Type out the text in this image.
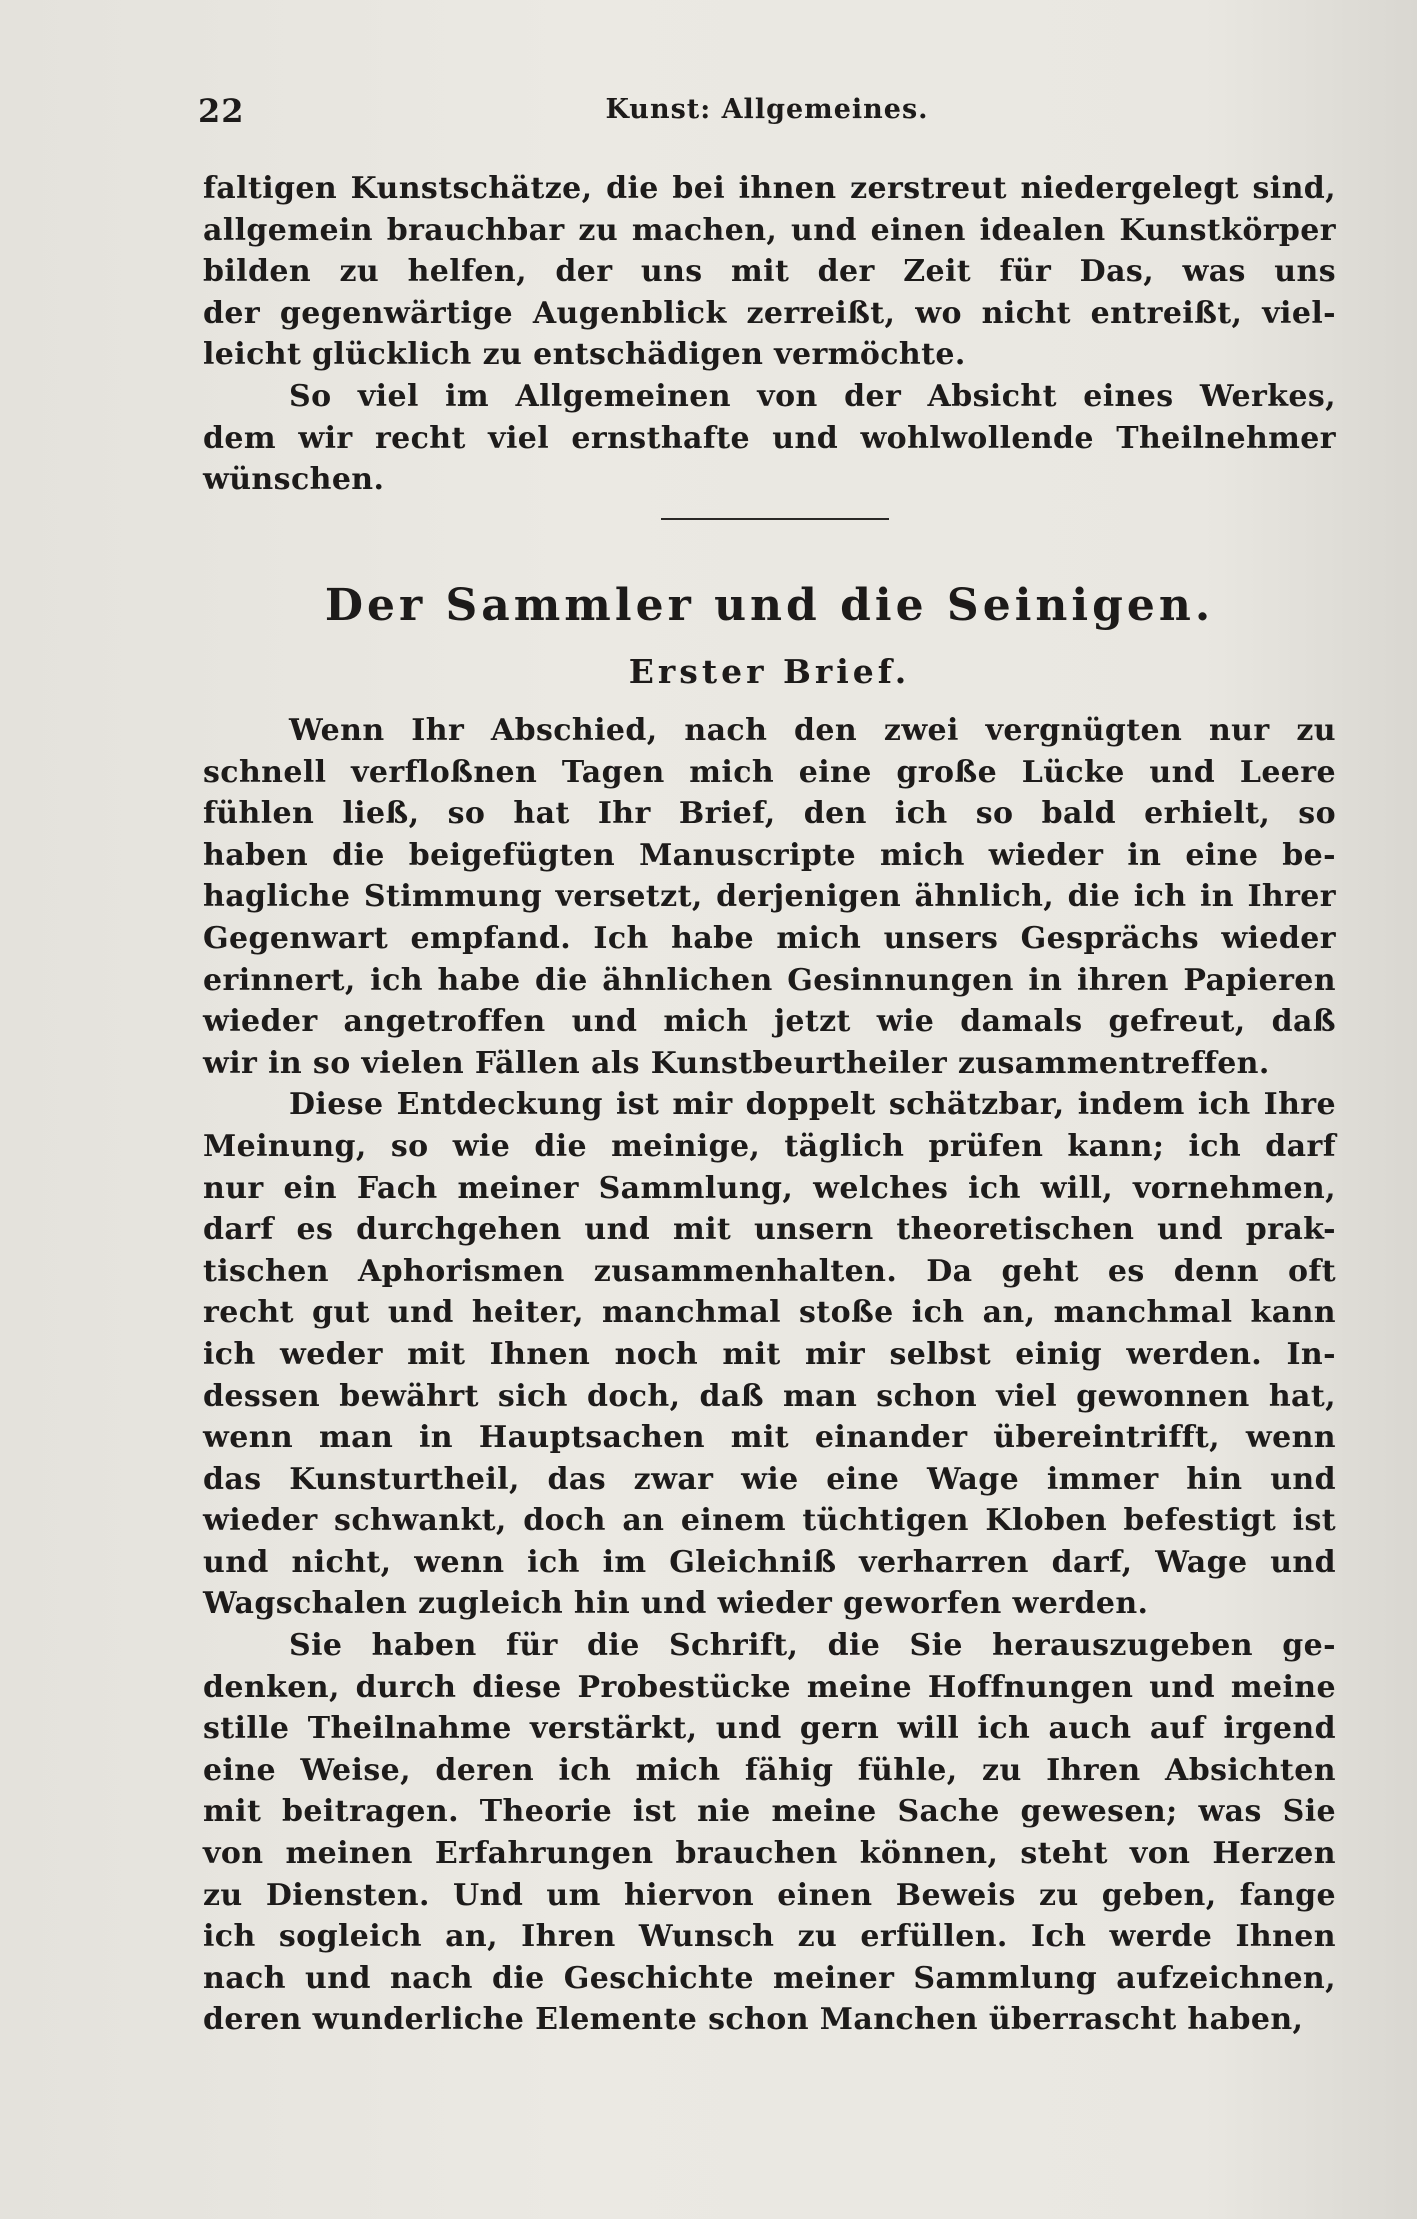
22	Kunst: Allgemeines.
faltigen Kunstschätze, die bei ihnen zerstreut niedergelegt sind,
allgemein brauchbar zu machen, und einen idealen Kunstkörper
bilden zu helfen, der uns mit der Zeit für Das, was uns
der gegenwärtige Augenblick zerreißt, wo nicht entreißt, viel-
leicht glücklich zu entschädigen vermöchte.
So viel im Allgemeinen von der Absicht eines Werkes,
dem wir recht viel ernsthafte und wohlwollende Theilnehmer
wünschen.
Der Sammler und die Seinigen.
Erster Brief.
Wenn Ihr Abschied, nach den zwei vergnügten nur zu
schnell verfloßnen Tagen mich eine große Lücke und Leere
fühlen ließ, so hat Ihr Brief, den ich so bald erhielt, so
haben die beigefügten Manuscripte mich wieder in eine be-
hagliche Stimmung versetzt, derjenigen ähnlich, die ich in Ihrer
Gegenwart empfand. Ich habe mich unsers Gesprächs wieder
erinnert, ich habe die ähnlichen Gesinnungen in ihren Papieren
wieder angetroffen und mich jetzt wie damals gefreut, daß
wir in so vielen Fällen als Kunstbeurtheiler zusammentreffen.
Diese Entdeckung ist mir doppelt schätzbar, indem ich Ihre
Meinung, so wie die meinige, täglich prüfen kann; ich darf
nur ein Fach meiner Sammlung, welches ich will, vornehmen,
darf es durchgehen und mit unsern theoretischen und prak-
tischen Aphorismen zusammenhalten. Da geht es denn oft
recht gut und heiter, manchmal stoße ich an, manchmal kann
ich weder mit Ihnen noch mit mir selbst einig werden. In-
dessen bewährt sich doch, daß man schon viel gewonnen hat,
wenn man in Hauptsachen mit einander übereintrifft, wenn
das Kunsturtheil, das zwar wie eine Wage immer hin und
wieder schwankt, doch an einem tüchtigen Kloben befestigt ist
und nicht, wenn ich im Gleichniß verharren darf, Wage und
Wagschalen zugleich hin und wieder geworfen werden.
Sie haben für die Schrift, die Sie herauszugeben ge-
denken, durch diese Probestücke meine Hoffnungen und meine
stille Theilnahme verstärkt, und gern will ich auch auf irgend
eine Weise, deren ich mich fähig fühle, zu Ihren Absichten
mit beitragen. Theorie ist nie meine Sache gewesen; was Sie
von meinen Erfahrungen brauchen können, steht von Herzen
zu Diensten. Und um hiervon einen Beweis zu geben, fange
ich sogleich an, Ihren Wunsch zu erfüllen. Ich werde Ihnen
nach und nach die Geschichte meiner Sammlung aufzeichnen,
deren wunderliche Elemente schon Manchen überrascht haben,
